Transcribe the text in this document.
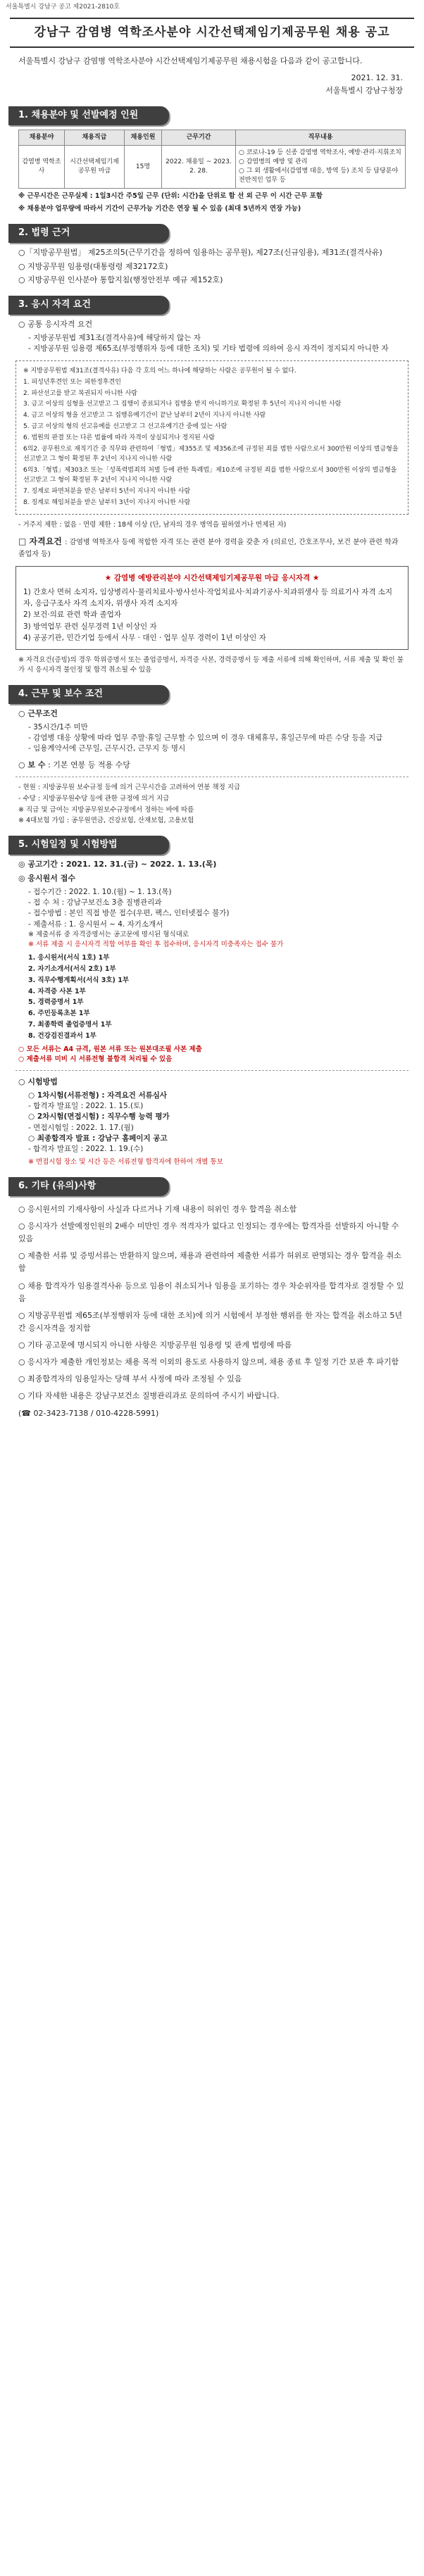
서울특별시 강남구 공고 제2021-2810호
강남구 감염병 역학조사분야 시간선택제임기제공무원 채용 공고
서울특별시 강남구 감염병 역학조사분야 시간선택제임기제공무원 채용시험을 다음과 같이 공고합니다.
2021. 12. 31.
서울특별시 강남구청장
1. 채용분야 및 선발예정 인원
채용분야	채용직급	채용인원	근무기간	직무내용
감염병 역학조사	시간선택제임기제 공무원 마급	15명	2022. 채용일 ~ 2023. 2. 28.	○ 코로나-19 등 신종 감염병 역학조사, 예방·관리·지휘조치
○ 감염병의 예방 및 관리
○ 그 외 생활에서(감염병 대응, 방역 등) 조치 등 담당분야 전반적인 업무 등
※ 근무시간은 근무실제 : 1일3시간 주5일 근무 (단위: 시간)을 단위로 함 선 외 근무 이 시간 근무 포함
※ 채용분야 업무량에 따라서 기간이 근무가능 기간은 연장 될 수 있음 (최대 5년까지 연장 가능)
2. 법령 근거
○「지방공무원법」 제25조의5(근무기간을 정하여 임용하는 공무원), 제27조(신규임용), 제31조(결격사유)
○ 지방공무원 임용령(대통령령 제32172호)
○ 지방공무원 인사분야 통합지침(행정안전부 예규 제152호)
3. 응시 자격 요건
○ 공통 응시자격 요건
- 지방공무원법 제31조(결격사유)에 해당하지 않는 자
- 지방공무원 임용령 제65조(부정행위자 등에 대한 조치) 및 기타 법령에 의하여 응시 자격이 정지되지 아니한 자
※ 지방공무원법 제31조(결격사유) 다음 각 호의 어느 하나에 해당하는 사람은 공무원이 될 수 없다.
1. 피성년후견인 또는 피한정후견인
2. 파산선고를 받고 복권되지 아니한 사람
3. 금고 이상의 실형을 선고받고 그 집행이 종료되거나 집행을 받지 아니하기로 확정된 후 5년이 지나지 아니한 사람
4. 금고 이상의 형을 선고받고 그 집행유예기간이 끝난 날부터 2년이 지나지 아니한 사람
5. 금고 이상의 형의 선고유예를 선고받고 그 선고유예기간 중에 있는 사람
6. 법원의 판결 또는 다른 법률에 따라 자격이 상실되거나 정지된 사람
6의2. 공무원으로 재직기간 중 직무와 관련하여「형법」제355조 및 제356조에 규정된 죄를 범한 사람으로서 300만원 이상의 벌금형을 선고받고 그 형이 확정된 후 2년이 지나지 아니한 사람
6의3.「형법」제303조 또는「성폭력범죄의 처벌 등에 관한 특례법」제10조에 규정된 죄를 범한 사람으로서 300만원 이상의 벌금형을 선고받고 그 형이 확정된 후 2년이 지나지 아니한 사람
7. 징계로 파면처분을 받은 날부터 5년이 지나지 아니한 사람
8. 징계로 해임처분을 받은 날부터 3년이 지나지 아니한 사람
- 거주지 제한 : 없음 · 연령 제한 : 18세 이상 (단, 남자의 경우 병역을 필하였거나 면제된 자)
□ 자격요건 : 감염병 역학조사 등에 적합한 자격 또는 관련 분야 경력을 갖춘 자 (의료인, 간호조무사, 보건 분야 관련 학과 졸업자 등)
★ 감염병 예방관리분야 시간선택제임기제공무원 마급 응시자격 ★
1) 간호사 면허 소지자, 임상병리사·물리치료사·방사선사·작업치료사·치과기공사·치과위생사 등 의료기사 자격 소지자, 응급구조사 자격 소지자, 위생사 자격 소지자
2) 보건·의료 관련 학과 졸업자
3) 방역업무 관련 실무경력 1년 이상인 자
4) 공공기관, 민간기업 등에서 사무 · 대인 · 업무 실무 경력이 1년 이상인 자
※ 자격요건(증빙)의 경우 학위증명서 또는 졸업증명서, 자격증 사본, 경력증명서 등 제출 서류에 의해 확인하며, 서류 제출 및 확인 불가 시 응시자격 불인정 및 합격 취소될 수 있음
4. 근무 및 보수 조건
○ 근무조건
- 35시간/1주 미만
- 감염병 대응 상황에 따라 업무 주말·휴일 근무할 수 있으며 이 경우 대체휴무, 휴일근무에 따른 수당 등을 지급
- 임용계약서에 근무일, 근무시간, 근무지 등 명시
○ 보 수 : 기본 연봉 등 적용 수당
- 현원 : 지방공무원 보수규정 등에 의거 근무시간을 고려하여 연봉 책정 지급
- 수당 : 지방공무원수당 등에 관한 규정에 의거 지급
※ 직급 및 급여는 지방공무원보수규정에서 정하는 바에 따름
※ 4대보험 가입 : 공무원연금, 건강보험, 산재보험, 고용보험
5. 시험일정 및 시험방법
◎ 공고기간 : 2021. 12. 31.(금) ~ 2022. 1. 13.(목)
◎ 응시원서 접수
- 접수기간 : 2022. 1. 10.(월) ~ 1. 13.(목)
- 접 수 처 : 강남구보건소 3층 질병관리과
- 접수방법 : 본인 직접 방문 접수(우편, 팩스, 인터넷접수 불가)
- 제출서류 : 1. 응시원서 ~ 4. 자기소개서
※ 제출서류 중 자격증명서는 공고문에 명시된 형식대로
※ 서류 제출 시 응시자격 적합 여부를 확인 후 접수하며, 응시자격 미충족자는 접수 불가
1. 응시원서(서식 1호) 1부
2. 자기소개서(서식 2호) 1부
3. 직무수행계획서(서식 3호) 1부
4. 자격증 사본 1부
5. 경력증명서 1부
6. 주민등록초본 1부
7. 최종학력 졸업증명서 1부
8. 건강검진결과서 1부
○ 모든 서류는 A4 규격, 원본 서류 또는 원본대조필 사본 제출
○ 제출서류 미비 시 서류전형 불합격 처리될 수 있음
○ 시험방법
○ 1차시험(서류전형) : 자격요건 서류심사
- 합격자 발표일 : 2022. 1. 15.(토)
○ 2차시험(면접시험) : 직무수행 능력 평가
- 면접시험일 : 2022. 1. 17.(월)
○ 최종합격자 발표 : 강남구 홈페이지 공고
- 합격자 발표일 : 2022. 1. 19.(수)
※ 면접시험 장소 및 시간 등은 서류전형 합격자에 한하여 개별 통보
6. 기타 (유의)사항
○ 응시원서의 기재사항이 사실과 다르거나 기재 내용이 허위인 경우 합격을 취소함
○ 응시자가 선발예정인원의 2배수 미만인 경우 적격자가 없다고 인정되는 경우에는 합격자를 선발하지 아니할 수 있음
○ 제출한 서류 및 증빙서류는 반환하지 않으며, 채용과 관련하여 제출한 서류가 허위로 판명되는 경우 합격을 취소함
○ 채용 합격자가 임용결격사유 등으로 임용이 취소되거나 임용을 포기하는 경우 차순위자를 합격자로 결정할 수 있음
○ 지방공무원법 제65조(부정행위자 등에 대한 조치)에 의거 시험에서 부정한 행위를 한 자는 합격을 취소하고 5년간 응시자격을 정지함
○ 기타 공고문에 명시되지 아니한 사항은 지방공무원 임용령 및 관계 법령에 따름
○ 응시자가 제출한 개인정보는 채용 목적 이외의 용도로 사용하지 않으며, 채용 종료 후 일정 기간 보관 후 파기함
○ 최종합격자의 임용일자는 당해 부서 사정에 따라 조정될 수 있음
○ 기타 자세한 내용은 강남구보건소 질병관리과로 문의하여 주시기 바랍니다.
(☎ 02-3423-7138 / 010-4228-5991)
